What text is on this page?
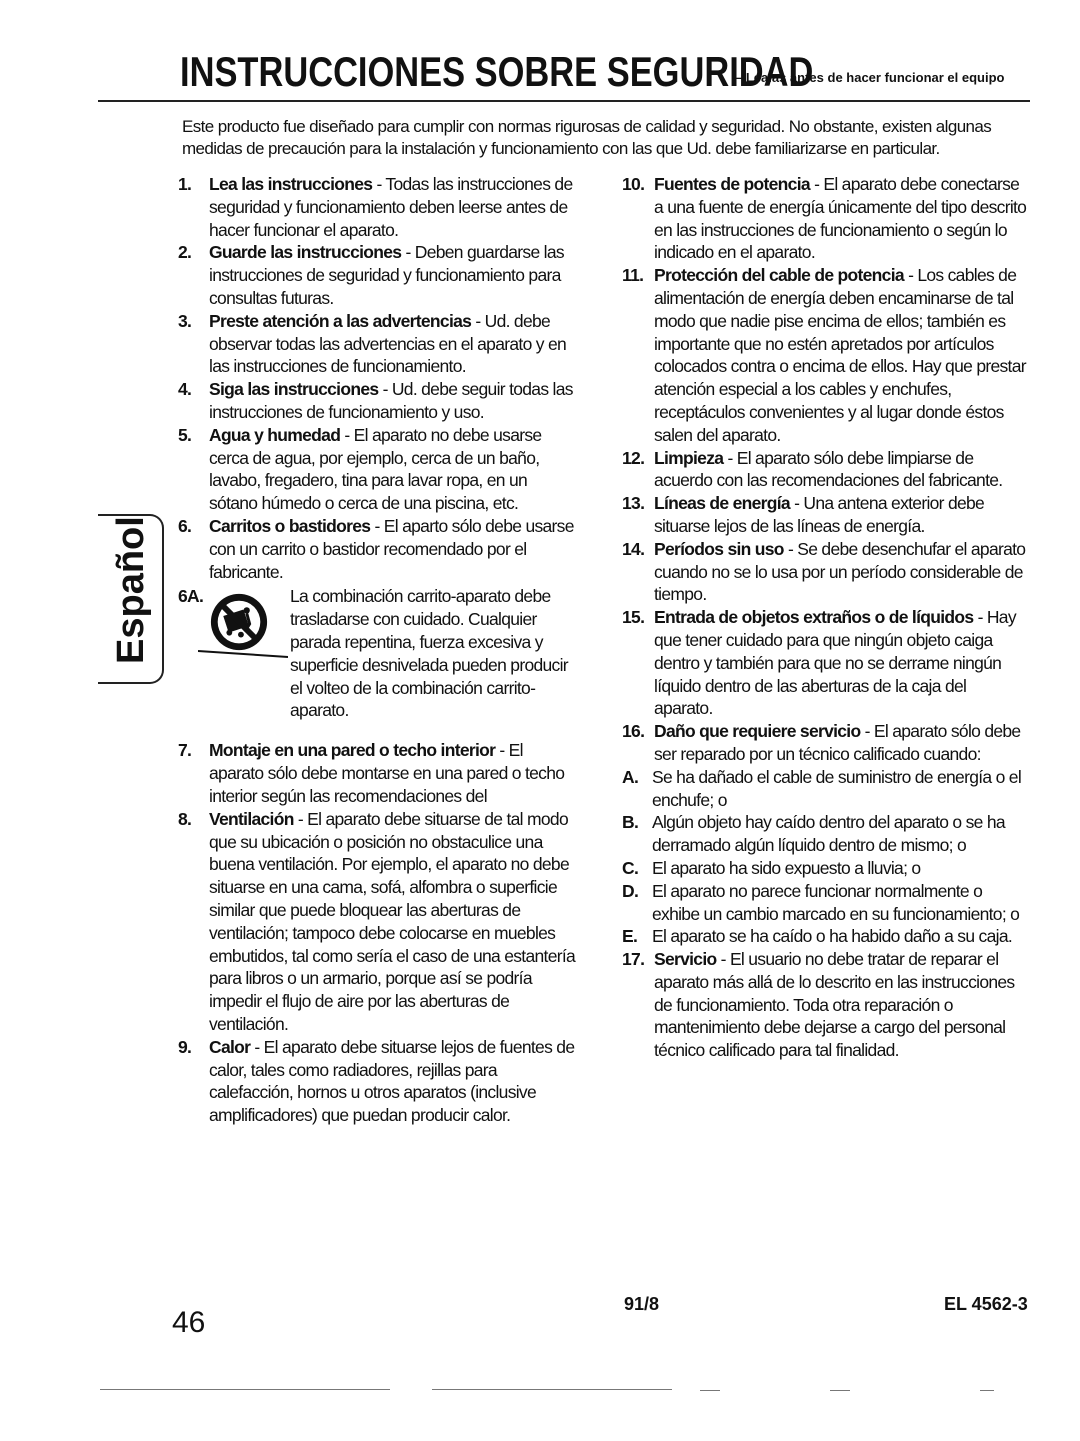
INSTRUCCIONES SOBRE SEGURIDAD
– Léalas antes de hacer funcionar el equipo
Este producto fue diseñado para cumplir con normas rigurosas de calidad y seguridad. No obstante, existen algunas medidas de precaución para la instalación y funcionamiento con las que Ud. debe familiarizarse en particular.
Español
1. Lea las instrucciones - Todas las instrucciones de seguridad y funcionamiento deben leerse antes de hacer funcionar el aparato.
2. Guarde las instrucciones - Deben guardarse las instrucciones de seguridad y funcionamiento para consultas futuras.
3. Preste atención a las advertencias - Ud. debe observar todas las advertencias en el aparato y en las instrucciones de funcionamiento.
4. Siga las instrucciones - Ud. debe seguir todas las instrucciones de funcionamiento y uso.
5. Agua y humedad - El aparato no debe usarse cerca de agua, por ejemplo, cerca de un baño, lavabo, fregadero, tina para lavar ropa, en un sótano húmedo o cerca de una piscina, etc.
6. Carritos o bastidores - El aparto sólo debe usarse con un carrito o bastidor recomendado por el fabricante.
6A.	La combinación carrito-aparato debe trasladarse con cuidado. Cualquier parada repentina, fuerza excesiva y superficie desnivelada pueden producir el volteo de la combinación carrito-aparato.
7. Montaje en una pared o techo interior - El aparato sólo debe montarse en una pared o techo interior según las recomendaciones del
8. Ventilación - El aparato debe situarse de tal modo que su ubicación o posición no obstaculice una buena ventilación. Por ejemplo, el aparato no debe situarse en una cama, sofá, alfombra o superficie similar que puede bloquear las aberturas de ventilación; tampoco debe colocarse en muebles embutidos, tal como sería el caso de una estantería para libros o un armario, porque así se podría impedir el flujo de aire por las aberturas de ventilación.
9. Calor - El aparato debe situarse lejos de fuentes de calor, tales como radiadores, rejillas para calefacción, hornos u otros aparatos (inclusive amplificadores) que puedan producir calor.
10. Fuentes de potencia - El aparato debe conectarse a una fuente de energía únicamente del tipo descrito en las instrucciones de funcionamiento o según lo indicado en el aparato.
11. Protección del cable de potencia - Los cables de alimentación de energía deben encaminarse de tal modo que nadie pise encima de ellos; también es importante que no estén apretados por artículos colocados contra o encima de ellos. Hay que prestar atención especial a los cables y enchufes, receptáculos convenientes y al lugar donde éstos salen del aparato.
12. Limpieza - El aparato sólo debe limpiarse de acuerdo con las recomendaciones del fabricante.
13. Líneas de energía - Una antena exterior debe situarse lejos de las líneas de energía.
14. Períodos sin uso - Se debe desenchufar el aparato cuando no se lo usa por un período considerable de tiempo.
15. Entrada de objetos extraños o de líquidos - Hay que tener cuidado para que ningún objeto caiga dentro y también para que no se derrame ningún líquido dentro de las aberturas de la caja del aparato.
16. Daño que requiere servicio - El aparato sólo debe ser reparado por un técnico calificado cuando:
A. Se ha dañado el cable de suministro de energía o el enchufe; o
B. Algún objeto hay caído dentro del aparato o se ha derramado algún líquido dentro de mismo; o
C. El aparato ha sido expuesto a lluvia; o
D. El aparato no parece funcionar normalmente o exhibe un cambio marcado en su funcionamiento; o
E. El aparato se ha caído o ha habido daño a su caja.
17. Servicio - El usuario no debe tratar de reparar el aparato más allá de lo descrito en las instrucciones de funcionamiento. Toda otra reparación o mantenimiento debe dejarse a cargo del personal técnico calificado para tal finalidad.
46
91/8	EL 4562-3
